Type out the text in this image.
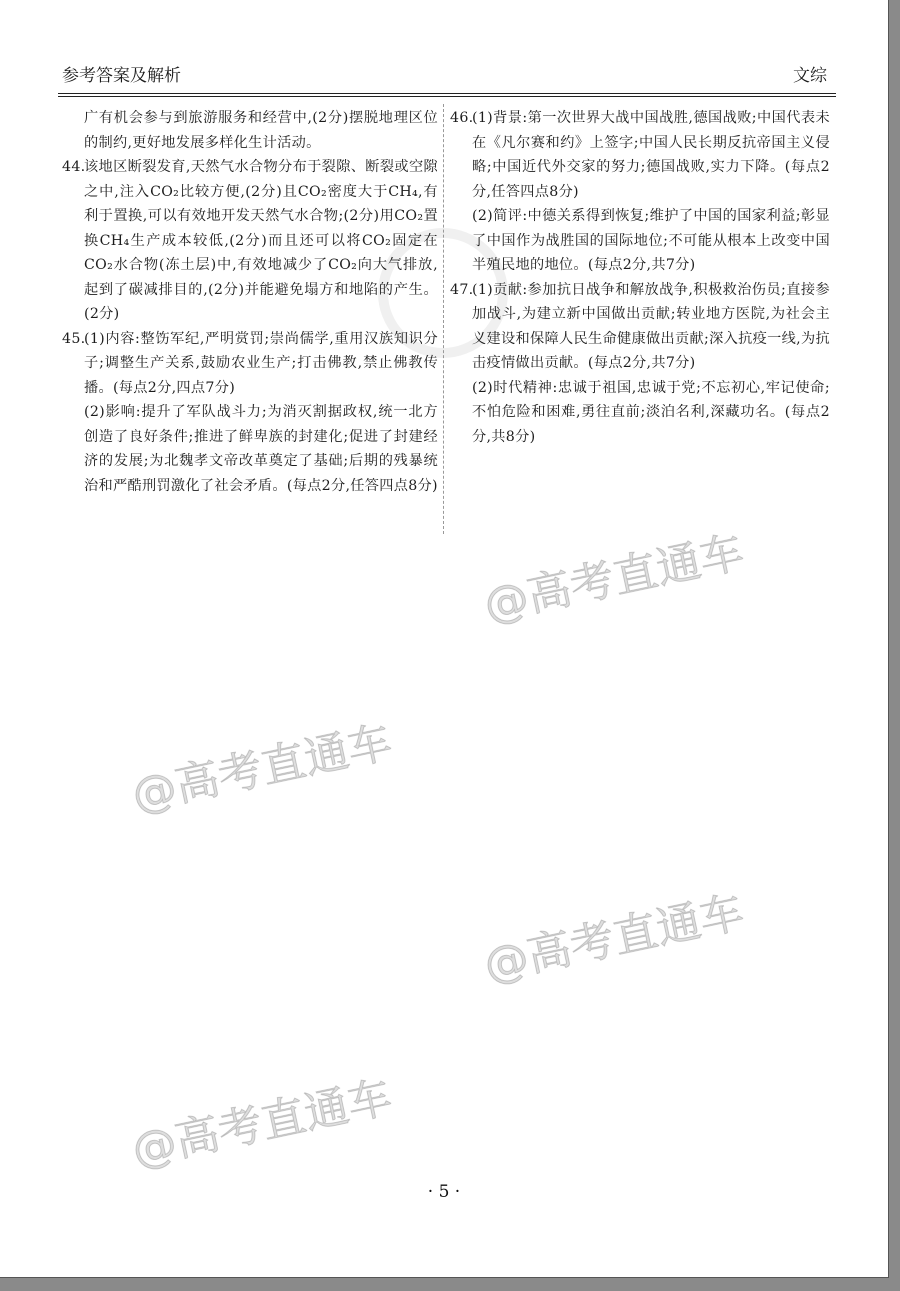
参考答案及解析	文综
广有机会参与到旅游服务和经营中,(2分)摆脱地理区位的制约,更好地发展多样化生计活动。
44.
该地区断裂发育,天然气水合物分布于裂隙、断裂或空隙之中,注入CO₂比较方便,(2分)且CO₂密度大于CH₄,有利于置换,可以有效地开发天然气水合物;(2分)用CO₂置换CH₄生产成本较低,(2分)而且还可以将CO₂固定在CO₂水合物(冻土层)中,有效地减少了CO₂向大气排放,起到了碳减排目的,(2分)并能避免塌方和地陷的产生。(2分)
45.
(1)内容:整饬军纪,严明赏罚;崇尚儒学,重用汉族知识分子;调整生产关系,鼓励农业生产;打击佛教,禁止佛教传播。(每点2分,四点7分)
(2)影响:提升了军队战斗力;为消灭割据政权,统一北方创造了良好条件;推进了鲜卑族的封建化;促进了封建经济的发展;为北魏孝文帝改革奠定了基础;后期的残暴统治和严酷刑罚激化了社会矛盾。(每点2分,任答四点8分)
46.
(1)背景:第一次世界大战中国战胜,德国战败;中国代表未在《凡尔赛和约》上签字;中国人民长期反抗帝国主义侵略;中国近代外交家的努力;德国战败,实力下降。(每点2分,任答四点8分)
(2)简评:中德关系得到恢复;维护了中国的国家利益;彰显了中国作为战胜国的国际地位;不可能从根本上改变中国半殖民地的地位。(每点2分,共7分)
47.
(1)贡献:参加抗日战争和解放战争,积极救治伤员;直接参加战斗,为建立新中国做出贡献;转业地方医院,为社会主义建设和保障人民生命健康做出贡献;深入抗疫一线,为抗击疫情做出贡献。(每点2分,共7分)
(2)时代精神:忠诚于祖国,忠诚于党;不忘初心,牢记使命;不怕危险和困难,勇往直前;淡泊名利,深藏功名。(每点2分,共8分)
@高考直通车
@高考直通车
@高考直通车
@高考直通车
· 5 ·
